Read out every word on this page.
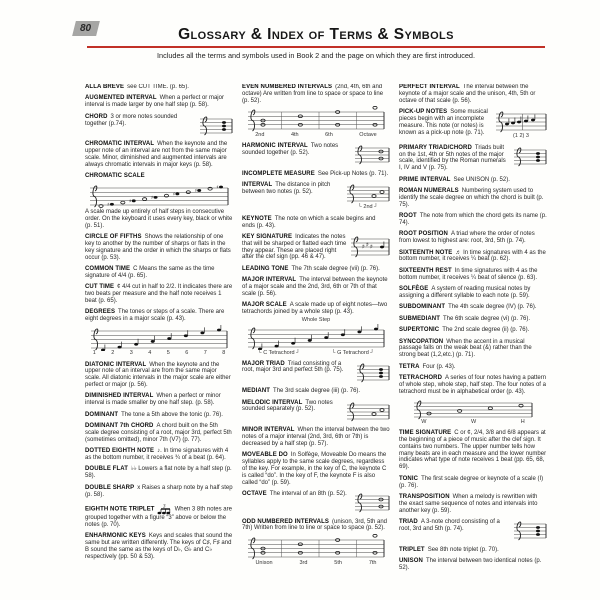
80	Glossary & Index of Terms & Symbols
Includes all the terms and symbols used in Book 2 and the page on which they are first introduced.
ALLA BREVE see CUT TIME. (p. 65).
AUGMENTED INTERVAL When a perfect or major interval is made larger by one half step (p. 58).
CHORD 3 or more notes sounded together (p.74).
CHROMATIC INTERVAL When the keynote and the upper note of an interval are not from the same major scale. Minor, diminished and augmented intervals are always chromatic intervals in major keys (p. 58).
CHROMATIC SCALE
♯
♯
♯
♯
♯
♯
A scale made up entirely of half steps in consecutive order. On the keyboard it uses every key, black or white (p. 51).
CIRCLE OF FIFTHS Shows the relationship of one key to another by the number of sharps or flats in the key signature and the order in which the sharps or flats occur (p. 53).
COMMON TIME C Means the same as the time signature of 4/4 (p. 65).
CUT TIME ¢ 4/4 cut in half to 2/2. It indicates there are two beats per measure and the half note receives 1 beat (p. 65).
DEGREES The tones or steps of a scale. There are eight degrees in a major scale (p. 43).
1	2	3	4	5	6	7	8
DIATONIC INTERVAL When the keynote and the upper note of an interval are from the same major scale. All diatonic intervals in the major scale are either perfect or major (p. 56).
DIMINISHED INTERVAL When a perfect or minor interval is made smaller by one half step. (p. 58).
DOMINANT The tone a 5th above the tonic (p. 76).
DOMINANT 7th CHORD A chord built on the 5th scale degree consisting of a root, major 3rd, perfect 5th (sometimes omitted), minor 7th (V7) (p. 77).
DOTTED EIGHTH NOTE ♪. In time signatures with 4 as the bottom number, it receives ¾ of a beat (p. 64).
DOUBLE FLAT ♭♭ Lowers a flat note by a half step (p. 58).
DOUBLE SHARP x Raises a sharp note by a half step (p. 58).
EIGHTH NOTE TRIPLET 3 When 3 8th notes are grouped together with a figure “3” above or below the notes (p. 70).
ENHARMONIC KEYS Keys and scales that sound the same but are written differently. The keys of C♯, F♯ and B sound the same as the keys of D♭, G♭ and C♭ respectively (pp. 50 & 53).
EVEN NUMBERED INTERVALS (2nd, 4th, 6th and octave) Are written from line to space or space to line (p. 52).
2nd	4th	6th	Octave
HARMONIC INTERVAL Two notes sounded together (p. 52).
INCOMPLETE MEASURE See Pick-up Notes (p. 71).
└ 2nd ┘
INTERVAL The distance in pitch between two notes (p. 52).
KEYNOTE The note on which a scale begins and ends (p. 43).
♯ ♯ ♯
KEY SIGNATURE Indicates the notes that will be sharped or flatted each time they appear. These are placed right after the clef sign (pp. 46 & 47).
LEADING TONE The 7th scale degree (vii) (p. 76).
MAJOR INTERVAL The interval between the keynote of a major scale and the 2nd, 3rd, 6th or 7th of that scale (p. 56).
MAJOR SCALE A scale made up of eight notes—two tetrachords joined by a whole step (p. 43).
Whole Step
└ C Tetrachord ┘	└ G Tetrachord ┘
MAJOR TRIAD Triad consisting of a root, major 3rd and perfect 5th (p. 75).
MEDIANT The 3rd scale degree (iii) (p. 76).
MELODIC INTERVAL Two notes sounded separately (p. 52).
MINOR INTERVAL When the interval between the two notes of a major interval (2nd, 3rd, 6th or 7th) is decreased by a half step (p. 57).
MOVEABLE DO In Solfège, Moveable Do means the syllables apply to the same scale degrees, regardless of the key. For example, in the key of C, the keynote C is called “do”. In the key of F, the keynote F is also called “do” (p. 59).
OCTAVE The interval of an 8th (p. 52).
ODD NUMBERED INTERVALS (unison, 3rd, 5th and 7th) Written from line to line or space to space (p. 52).
Unison	3rd	5th	7th
PERFECT INTERVAL The interval between the keynote of a major scale and the unison, 4th, 5th or octave of that scale (p. 56).
(1 2) 3
PICK-UP NOTES Some musical pieces begin with an incomplete measure. This note (or notes) is known as a pick-up note (p. 71).
PRIMARY TRIAD/CHORD Triads built on the 1st, 4th or 5th notes of the major scale, identified by the Roman numerals I, IV and V (p. 75).
PRIME INTERVAL See UNISON (p. 52).
ROMAN NUMERALS Numbering system used to identify the scale degree on which the chord is built (p. 75).
ROOT The note from which the chord gets its name (p. 74).
ROOT POSITION A triad where the order of notes from lowest to highest are: root, 3rd, 5th (p. 74).
SIXTEENTH NOTE ♬ In time signatures with 4 as the bottom number, it receives ¼ beat (p. 62).
SIXTEENTH REST In time signatures with 4 as the bottom number, it receives ¼ beat of silence (p. 63).
SOLFÈGE A system of reading musical notes by assigning a different syllable to each note (p. 59).
SUBDOMINANT The 4th scale degree (IV) (p. 76).
SUBMEDIANT The 6th scale degree (vi) (p. 76).
SUPERTONIC The 2nd scale degree (ii) (p. 76).
SYNCOPATION When the accent in a musical passage falls on the weak beat (&) rather than the strong beat (1,2,etc.) (p. 71).
TETRA Four (p. 43).
TETRACHORD A series of four notes having a pattern of whole step, whole step, half step. The four notes of a tetrachord must be in alphabetical order (p. 43).
W	W	H
TIME SIGNATURE C or ¢, 2/4, 3/8 and 6/8 appears at the beginning of a piece of music after the clef sign. It contains two numbers. The upper number tells how many beats are in each measure and the lower number indicates what type of note receives 1 beat (pp. 65, 68, 69).
TONIC The first scale degree or keynote of a scale (I) (p. 76).
TRANSPOSITION When a melody is rewritten with the exact same sequence of notes and intervals into another key (p. 59).
TRIAD A 3-note chord consisting of a root, 3rd and 5th (p. 74).
TRIPLET See 8th note triplet (p. 70).
UNISON The interval between two identical notes (p. 52).
